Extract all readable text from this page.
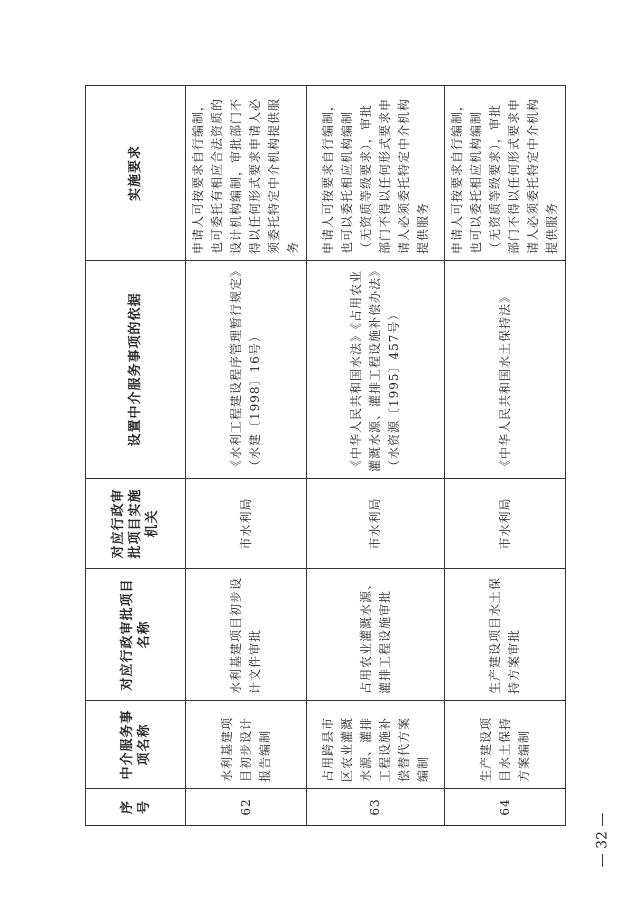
序号	中介服务事项名称	对应行政审批项目名称	对应行政审批项目实施机关	设置中介服务事项的依据	实施要求
62	水利基建项目初步设计报告编制	水利基建项目初步设计文件审批	市水利局	《水利工程建设程序管理暂行规定》（水建〔1998〕16号）	申请人可按要求自行编制，也可委托有相应合法资质的设计机构编制，审批部门不得以任何形式要求申请人必须委托特定中介机构提供服务
63	占用跨县市区农业灌溉水源、灌排工程设施补偿替代方案编制	占用农业灌溉水源、灌排工程设施审批	市水利局	《中华人民共和国水法》《占用农业灌溉水源、灌排工程设施补偿办法》（水资源〔1995〕457号）	申请人可按要求自行编制，也可以委托相应机构编制（无资质等级要求），审批部门不得以任何形式要求申请人必须委托特定中介机构提供服务
64	生产建设项目水土保持方案编制	生产建设项目水土保持方案审批	市水利局	《中华人民共和国水土保持法》	申请人可按要求自行编制，也可以委托相应机构编制（无资质等级要求），审批部门不得以任何形式要求申请人必须委托特定中介机构提供服务
— 32 —
